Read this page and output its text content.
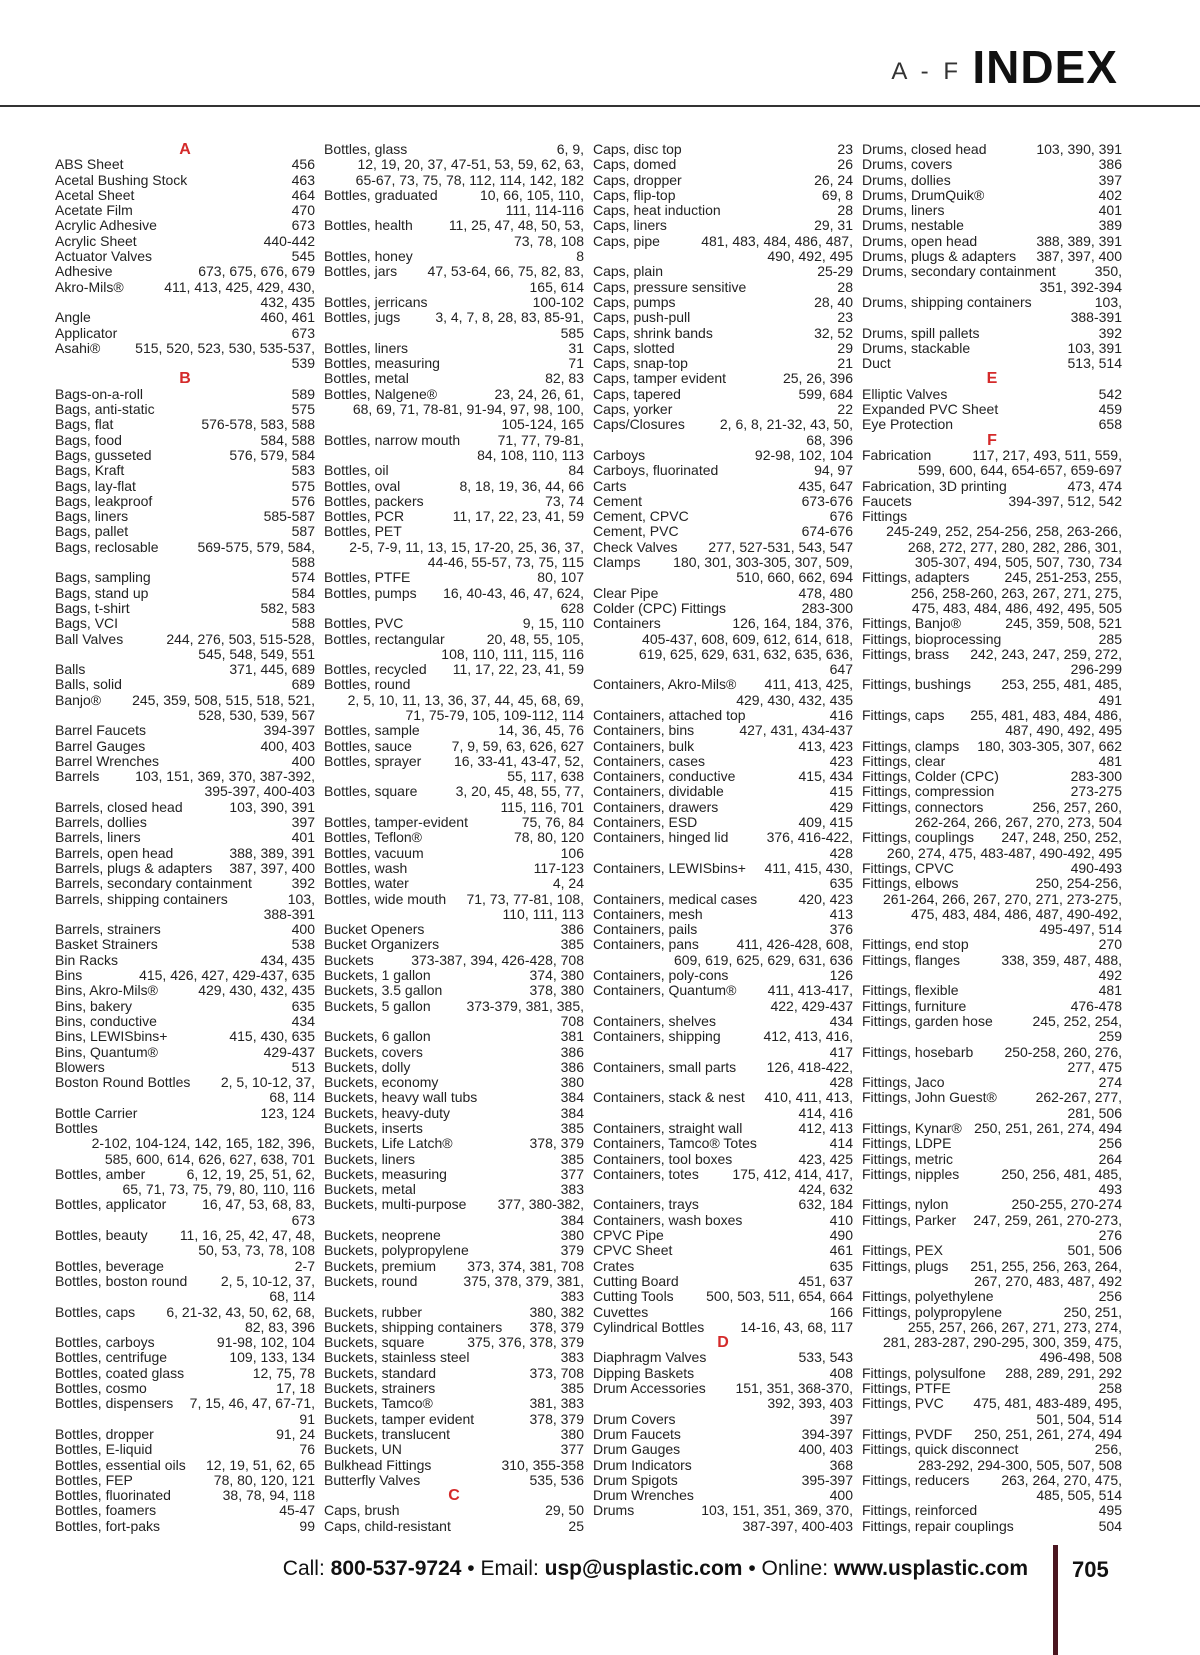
A - F INDEX
A
ABS Sheet	456
Acetal Bushing Stock	463
Acetal Sheet	464
Acetate Film	470
Acrylic Adhesive	673
Acrylic Sheet	440-442
Actuator Valves	545
Adhesive	673, 675, 676, 679
Akro-Mils®	411, 413, 425, 429, 430,
432, 435
Angle	460, 461
Applicator	673
Asahi® 515, 520, 523, 530, 535-537,
539
B
Bags-on-a-roll	589
Bags, anti-static	575
Bags, flat	576-578, 583, 588
Bags, food	584, 588
Bags, gusseted	576, 579, 584
Bags, Kraft	583
Bags, lay-flat	575
Bags, leakproof	576
Bags, liners	585-587
Bags, pallet	587
Bags, reclosable	569-575, 579, 584,
588
Bags, sampling	574
Bags, stand up	584
Bags, t-shirt	582, 583
Bags, VCI	588
Ball Valves	244, 276, 503, 515-528,
545, 548, 549, 551
Balls	371, 445, 689
Balls, solid	689
Banjo® 245, 359, 508, 515, 518, 521,
528, 530, 539, 567
Barrel Faucets	394-397
Barrel Gauges	400, 403
Barrel Wrenches	400
Barrels	103, 151, 369, 370, 387-392,
395-397, 400-403
Barrels, closed head	103, 390, 391
Barrels, dollies	397
Barrels, liners	401
Barrels, open head	388, 389, 391
Barrels, plugs & adapters 387, 397, 400
Barrels, secondary containment	392
Barrels, shipping containers	103,
388-391
Barrels, strainers	400
Basket Strainers	538
Bin Racks	434, 435
Bins	415, 426, 427, 429-437, 635
Bins, Akro-Mils®	429, 430, 432, 435
Bins, bakery	635
Bins, conductive	434
Bins, LEWISbins+	415, 430, 635
Bins, Quantum®	429-437
Blowers	513
Boston Round Bottles 2, 5, 10-12, 37,
68, 114
Bottle Carrier	123, 124
Bottles
2-102, 104-124, 142, 165, 182, 396,
585, 600, 614, 626, 627, 638, 701
Bottles, amber	6, 12, 19, 25, 51, 62,
65, 71, 73, 75, 79, 80, 110, 116
Bottles, applicator	16, 47, 53, 68, 83,
673
Bottles, beauty 11, 16, 25, 42, 47, 48,
50, 53, 73, 78, 108
Bottles, beverage	2-7
Bottles, boston round 2, 5, 10-12, 37,
68, 114
Bottles, caps 6, 21-32, 43, 50, 62, 68,
82, 83, 396
Bottles, carboys	91-98, 102, 104
Bottles, centrifuge	109, 133, 134
Bottles, coated glass	12, 75, 78
Bottles, cosmo	17, 18
Bottles, dispensers 7, 15, 46, 47, 67-71,
91
Bottles, dropper	91, 24
Bottles, E-liquid	76
Bottles, essential oils 12, 19, 51, 62, 65
Bottles, FEP	78, 80, 120, 121
Bottles, fluorinated	38, 78, 94, 118
Bottles, foamers	45-47
Bottles, fort-paks	99
Bottles, glass	6, 9,
12, 19, 20, 37, 47-51, 53, 59, 62, 63,
65-67, 73, 75, 78, 112, 114, 142, 182
Bottles, graduated	10, 66, 105, 110,
111, 114-116
Bottles, health	11, 25, 47, 48, 50, 53,
73, 78, 108
Bottles, honey	8
Bottles, jars 47, 53-64, 66, 75, 82, 83,
165, 614
Bottles, jerricans	100-102
Bottles, jugs	3, 4, 7, 8, 28, 83, 85-91,
585
Bottles, liners	31
Bottles, measuring	71
Bottles, metal	82, 83
Bottles, Nalgene®	23, 24, 26, 61,
68, 69, 71, 78-81, 91-94, 97, 98, 100,
105-124, 165
Bottles, narrow mouth	71, 77, 79-81,
84, 108, 110, 113
Bottles, oil	84
Bottles, oval	8, 18, 19, 36, 44, 66
Bottles, packers	73, 74
Bottles, PCR	11, 17, 22, 23, 41, 59
Bottles, PET
2-5, 7-9, 11, 13, 15, 17-20, 25, 36, 37,
44-46, 55-57, 73, 75, 115
Bottles, PTFE	80, 107
Bottles, pumps 16, 40-43, 46, 47, 624,
628
Bottles, PVC	9, 15, 110
Bottles, rectangular	20, 48, 55, 105,
108, 110, 111, 115, 116
Bottles, recycled 11, 17, 22, 23, 41, 59
Bottles, round
2, 5, 10, 11, 13, 36, 37, 44, 45, 68, 69,
71, 75-79, 105, 109-112, 114
Bottles, sample	14, 36, 45, 76
Bottles, sauce	7, 9, 59, 63, 626, 627
Bottles, sprayer 16, 33-41, 43-47, 52,
55, 117, 638
Bottles, square	3, 20, 45, 48, 55, 77,
115, 116, 701
Bottles, tamper-evident	75, 76, 84
Bottles, Teflon®	78, 80, 120
Bottles, vacuum	106
Bottles, wash	117-123
Bottles, water	4, 24
Bottles, wide mouth 71, 73, 77-81, 108,
110, 111, 113
Bucket Openers	386
Bucket Organizers	385
Buckets	373-387, 394, 426-428, 708
Buckets, 1 gallon	374, 380
Buckets, 3.5 gallon	378, 380
Buckets, 5 gallon	373-379, 381, 385,
708
Buckets, 6 gallon	381
Buckets, covers	386
Buckets, dolly	386
Buckets, economy	380
Buckets, heavy wall tubs	384
Buckets, heavy-duty	384
Buckets, inserts	385
Buckets, Life Latch®	378, 379
Buckets, liners	385
Buckets, measuring	377
Buckets, metal	383
Buckets, multi-purpose 377, 380-382,
384
Buckets, neoprene	380
Buckets, polypropylene	379
Buckets, premium 373, 374, 381, 708
Buckets, round	375, 378, 379, 381,
383
Buckets, rubber	380, 382
Buckets, shipping containers 378, 379
Buckets, square	375, 376, 378, 379
Buckets, stainless steel	383
Buckets, standard	373, 708
Buckets, strainers	385
Buckets, Tamco®	381, 383
Buckets, tamper evident	378, 379
Buckets, translucent	380
Buckets, UN	377
Bulkhead Fittings	310, 355-358
Butterfly Valves	535, 536
C
Caps, brush	29, 50
Caps, child-resistant	25
Caps, disc top	23
Caps, domed	26
Caps, dropper	26, 24
Caps, flip-top	69, 8
Caps, heat induction	28
Caps, liners	29, 31
Caps, pipe	481, 483, 484, 486, 487,
490, 492, 495
Caps, plain	25-29
Caps, pressure sensitive	28
Caps, pumps	28, 40
Caps, push-pull	23
Caps, shrink bands	32, 52
Caps, slotted	29
Caps, snap-top	21
Caps, tamper evident	25, 26, 396
Caps, tapered	599, 684
Caps, yorker	22
Caps/Closures	2, 6, 8, 21-32, 43, 50,
68, 396
Carboys	92-98, 102, 104
Carboys, fluorinated	94, 97
Carts	435, 647
Cement	673-676
Cement, CPVC	676
Cement, PVC	674-676
Check Valves 277, 527-531, 543, 547
Clamps 180, 301, 303-305, 307, 509,
510, 660, 662, 694
Clear Pipe	478, 480
Colder (CPC) Fittings	283-300
Containers	126, 164, 184, 376,
405-437, 608, 609, 612, 614, 618,
619, 625, 629, 631, 632, 635, 636,
647
Containers, Akro-Mils® 411, 413, 425,
429, 430, 432, 435
Containers, attached top	416
Containers, bins	427, 431, 434-437
Containers, bulk	413, 423
Containers, cases	423
Containers, conductive	415, 434
Containers, dividable	415
Containers, drawers	429
Containers, ESD	409, 415
Containers, hinged lid	376, 416-422,
428
Containers, LEWISbins+ 411, 415, 430,
635
Containers, medical cases	420, 423
Containers, mesh	413
Containers, pails	376
Containers, pans	411, 426-428, 608,
609, 619, 625, 629, 631, 636
Containers, poly-cons	126
Containers, Quantum® 411, 413-417,
422, 429-437
Containers, shelves	434
Containers, shipping	412, 413, 416,
417
Containers, small parts 126, 418-422,
428
Containers, stack & nest 410, 411, 413,
414, 416
Containers, straight wall	412, 413
Containers, Tamco® Totes	414
Containers, tool boxes	423, 425
Containers, totes 175, 412, 414, 417,
424, 632
Containers, trays	632, 184
Containers, wash boxes	410
CPVC Pipe	490
CPVC Sheet	461
Crates	635
Cutting Board	451, 637
Cutting Tools 500, 503, 511, 654, 664
Cuvettes	166
Cylindrical Bottles	14-16, 43, 68, 117
D
Diaphragm Valves	533, 543
Dipping Baskets	408
Drum Accessories 151, 351, 368-370,
392, 393, 403
Drum Covers	397
Drum Faucets	394-397
Drum Gauges	400, 403
Drum Indicators	368
Drum Spigots	395-397
Drum Wrenches	400
Drums	103, 151, 351, 369, 370,
387-397, 400-403
Drums, closed head	103, 390, 391
Drums, covers	386
Drums, dollies	397
Drums, DrumQuik®	402
Drums, liners	401
Drums, nestable	389
Drums, open head	388, 389, 391
Drums, plugs & adapters 387, 397, 400
Drums, secondary containment	350,
351, 392-394
Drums, shipping containers	103,
388-391
Drums, spill pallets	392
Drums, stackable	103, 391
Duct	513, 514
E
Elliptic Valves	542
Expanded PVC Sheet	459
Eye Protection	658
F
Fabrication	117, 217, 493, 511, 559,
599, 600, 644, 654-657, 659-697
Fabrication, 3D printing	473, 474
Faucets	394-397, 512, 542
Fittings
245-249, 252, 254-256, 258, 263-266,
268, 272, 277, 280, 282, 286, 301,
305-307, 494, 505, 507, 730, 734
Fittings, adapters	245, 251-253, 255,
256, 258-260, 263, 267, 271, 275,
475, 483, 484, 486, 492, 495, 505
Fittings, Banjo®	245, 359, 508, 521
Fittings, bioprocessing	285
Fittings, brass 242, 243, 247, 259, 272,
296-299
Fittings, bushings 253, 255, 481, 485,
491
Fittings, caps 255, 481, 483, 484, 486,
487, 490, 492, 495
Fittings, clamps 180, 303-305, 307, 662
Fittings, clear	481
Fittings, Colder (CPC)	283-300
Fittings, compression	273-275
Fittings, connectors	256, 257, 260,
262-264, 266, 267, 270, 273, 504
Fittings, couplings 247, 248, 250, 252,
260, 274, 475, 483-487, 490-492, 495
Fittings, CPVC	490-493
Fittings, elbows	250, 254-256,
261-264, 266, 267, 270, 271, 273-275,
475, 483, 484, 486, 487, 490-492,
495-497, 514
Fittings, end stop	270
Fittings, flanges	338, 359, 487, 488,
492
Fittings, flexible	481
Fittings, furniture	476-478
Fittings, garden hose	245, 252, 254,
259
Fittings, hosebarb 250-258, 260, 276,
277, 475
Fittings, Jaco	274
Fittings, John Guest®	262-267, 277,
281, 506
Fittings, Kynar® 250, 251, 261, 274, 494
Fittings, LDPE	256
Fittings, metric	264
Fittings, nipples	250, 256, 481, 485,
493
Fittings, nylon	250-255, 270-274
Fittings, Parker 247, 259, 261, 270-273,
276
Fittings, PEX	501, 506
Fittings, plugs 251, 255, 256, 263, 264,
267, 270, 483, 487, 492
Fittings, polyethylene	256
Fittings, polypropylene	250, 251,
255, 257, 266, 267, 271, 273, 274,
281, 283-287, 290-295, 300, 359, 475,
496-498, 508
Fittings, polysulfone 288, 289, 291, 292
Fittings, PTFE	258
Fittings, PVC 475, 481, 483-489, 495,
501, 504, 514
Fittings, PVDF 250, 251, 261, 274, 494
Fittings, quick disconnect	256,
283-292, 294-300, 505, 507, 508
Fittings, reducers 263, 264, 270, 475,
485, 505, 514
Fittings, reinforced	495
Fittings, repair couplings	504
Call: 800-537-9724 • Email: usp@usplastic.com • Online: www.usplastic.com 705
